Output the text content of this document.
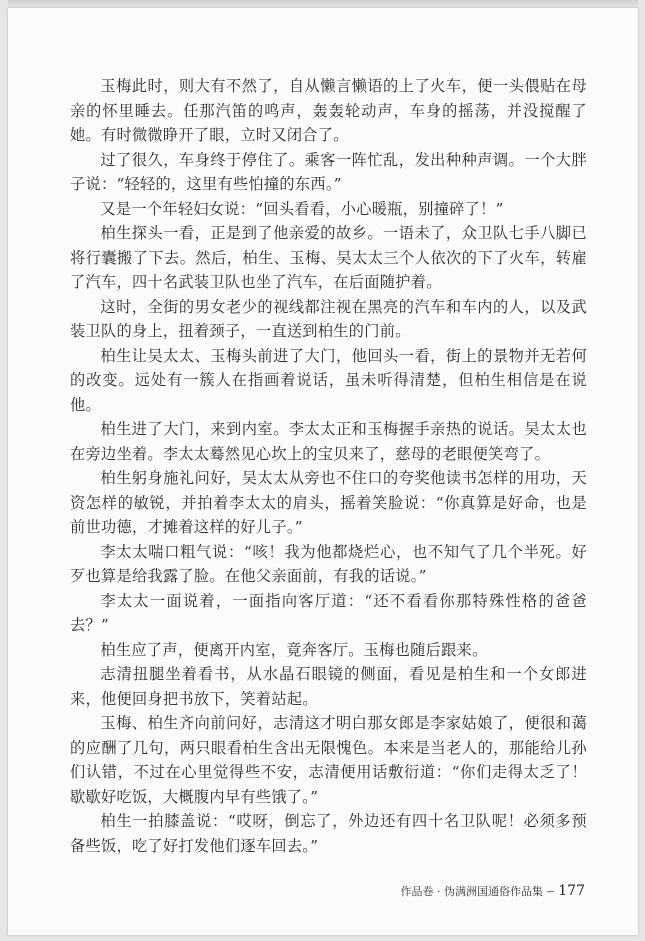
玉梅此时，则大有不然了，自从懒言懒语的上了火车，便一头偎贴在母亲的怀里睡去。任那汽笛的鸣声，轰轰轮动声，车身的摇荡，并没搅醒了她。有时微微睁开了眼，立时又闭合了。

过了很久，车身终于停住了。乘客一阵忙乱，发出种种声调。一个大胖子说：“轻轻的，这里有些怕撞的东西。”

又是一个年轻妇女说：“回头看看，小心暖瓶，别撞碎了！”

柏生探头一看，正是到了他亲爱的故乡。一语未了，众卫队七手八脚已将行囊搬了下去。然后，柏生、玉梅、吴太太三个人依次的下了火车，转雇了汽车，四十名武装卫队也坐了汽车，在后面随护着。

这时，全街的男女老少的视线都注视在黑亮的汽车和车内的人，以及武装卫队的身上，扭着颈子，一直送到柏生的门前。

柏生让吴太太、玉梅头前进了大门，他回头一看，街上的景物并无若何的改变。远处有一簇人在指画着说话，虽未听得清楚，但柏生相信是在说他。

柏生进了大门，来到内室。李太太正和玉梅握手亲热的说话。吴太太也在旁边坐着。李太太蓦然见心坎上的宝贝来了，慈母的老眼便笑弯了。

柏生躬身施礼问好，吴太太从旁也不住口的夸奖他读书怎样的用功，天资怎样的敏锐，并拍着李太太的肩头，摇着笑脸说：“你真算是好命，也是前世功德，才摊着这样的好儿子。”

李太太喘口粗气说：“咳！我为他都烧烂心，也不知气了几个半死。好歹也算是给我露了脸。在他父亲面前，有我的话说。”

李太太一面说着，一面指向客厅道：“还不看看你那特殊性格的爸爸去？”

柏生应了声，便离开内室，竟奔客厅。玉梅也随后跟来。

志清扭腿坐着看书，从水晶石眼镜的侧面，看见是柏生和一个女郎进来，他便回身把书放下，笑着站起。

玉梅、柏生齐向前问好，志清这才明白那女郎是李家姑娘了，便很和蔼的应酬了几句，两只眼看柏生含出无限愧色。本来是当老人的，那能给儿孙们认错，不过在心里觉得些不安，志清便用话敷衍道：“你们走得太乏了！歇歇好吃饭，大概腹内早有些饿了。”

柏生一拍膝盖说：“哎呀，倒忘了，外边还有四十名卫队呢！必须多预备些饭，吃了好打发他们逐车回去。”

作品卷 · 伪满洲国通俗作品集 ∽ 177
